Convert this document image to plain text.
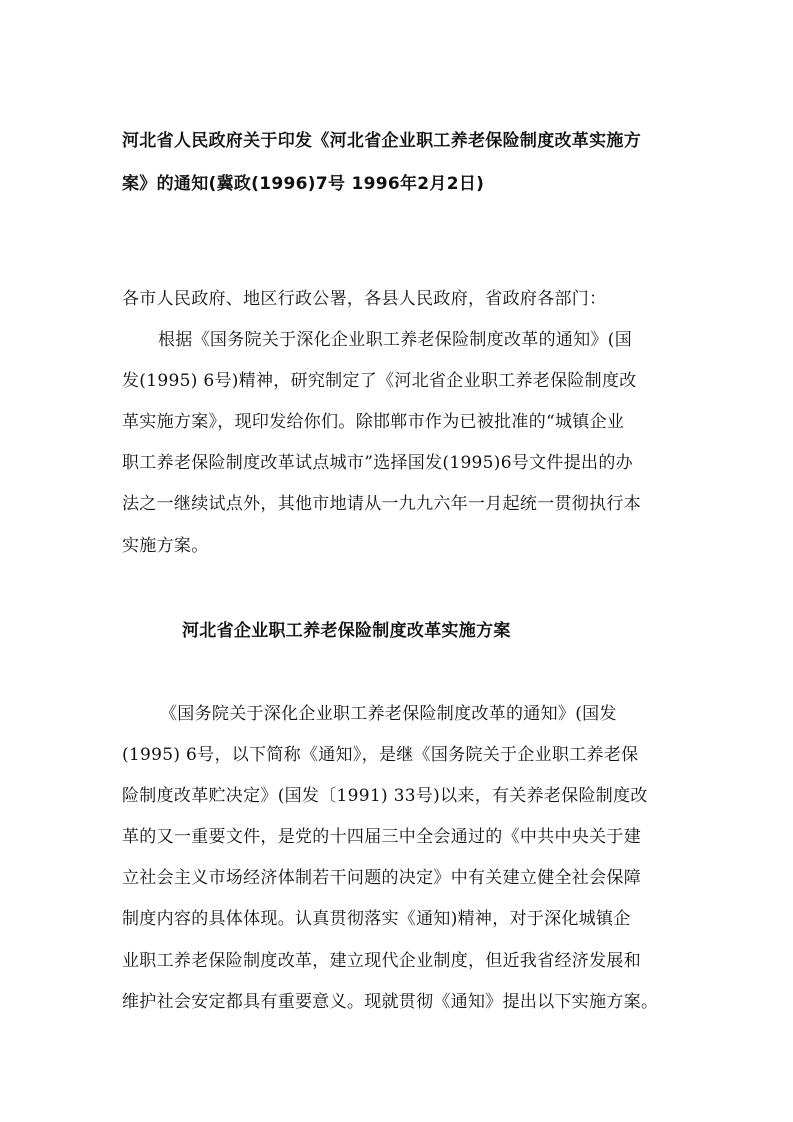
河北省人民政府关于印发《河北省企业职工养老保险制度改革实施方
案》的通知(冀政(1996)7号 1996年2月2日)
各市人民政府、地区行政公署，各县人民政府，省政府各部门：
根据《国务院关于深化企业职工养老保险制度改革的通知》(国
发(1995) 6号)精神，研究制定了《河北省企业职工养老保险制度改
革实施方案》，现印发给你们。除邯郸市作为已被批准的“城镇企业
职工养老保险制度改革试点城市”选择国发(1995)6号文件提出的办
法之一继续试点外，其他市地请从一九九六年一月起统一贯彻执行本
实施方案。
河北省企业职工养老保险制度改革实施方案
《国务院关于深化企业职工养老保险制度改革的通知》(国发
(1995) 6号，以下简称《通知》，是继《国务院关于企业职工养老保
险制度改革贮决定》(国发〔1991) 33号)以来，有关养老保险制度改
革的又一重要文件，是党的十四届三中全会通过的《中共中央关于建
立社会主义市场经济体制若干问题的决定》中有关建立健全社会保障
制度内容的具体体现。认真贯彻落实《通知)精神，对于深化城镇企
业职工养老保险制度改革，建立现代企业制度，但近我省经济发展和
维护社会安定都具有重要意义。现就贯彻《通知》提出以下实施方案。
